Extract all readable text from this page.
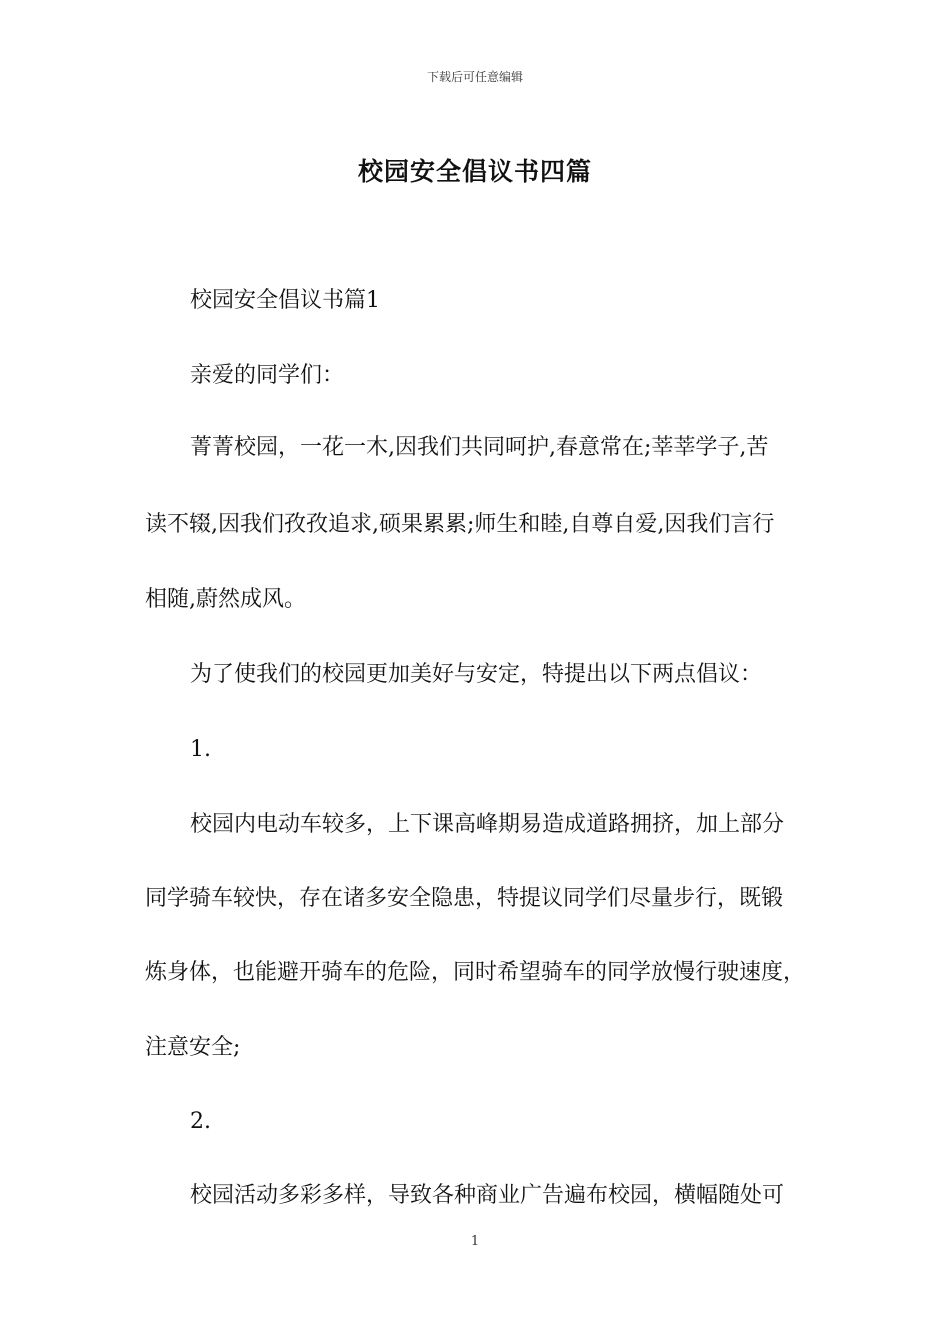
下载后可任意编辑
校园安全倡议书四篇
校园安全倡议书篇1
亲爱的同学们：
菁菁校园，一花一木,因我们共同呵护,春意常在;莘莘学子,苦
读不辍,因我们孜孜追求,硕果累累;师生和睦,自尊自爱,因我们言行
相随,蔚然成风。
为了使我们的校园更加美好与安定，特提出以下两点倡议：
1.
校园内电动车较多，上下课高峰期易造成道路拥挤，加上部分
同学骑车较快，存在诸多安全隐患，特提议同学们尽量步行，既锻
炼身体，也能避开骑车的危险，同时希望骑车的同学放慢行驶速度，
注意安全;
2.
校园活动多彩多样，导致各种商业广告遍布校园，横幅随处可
1
